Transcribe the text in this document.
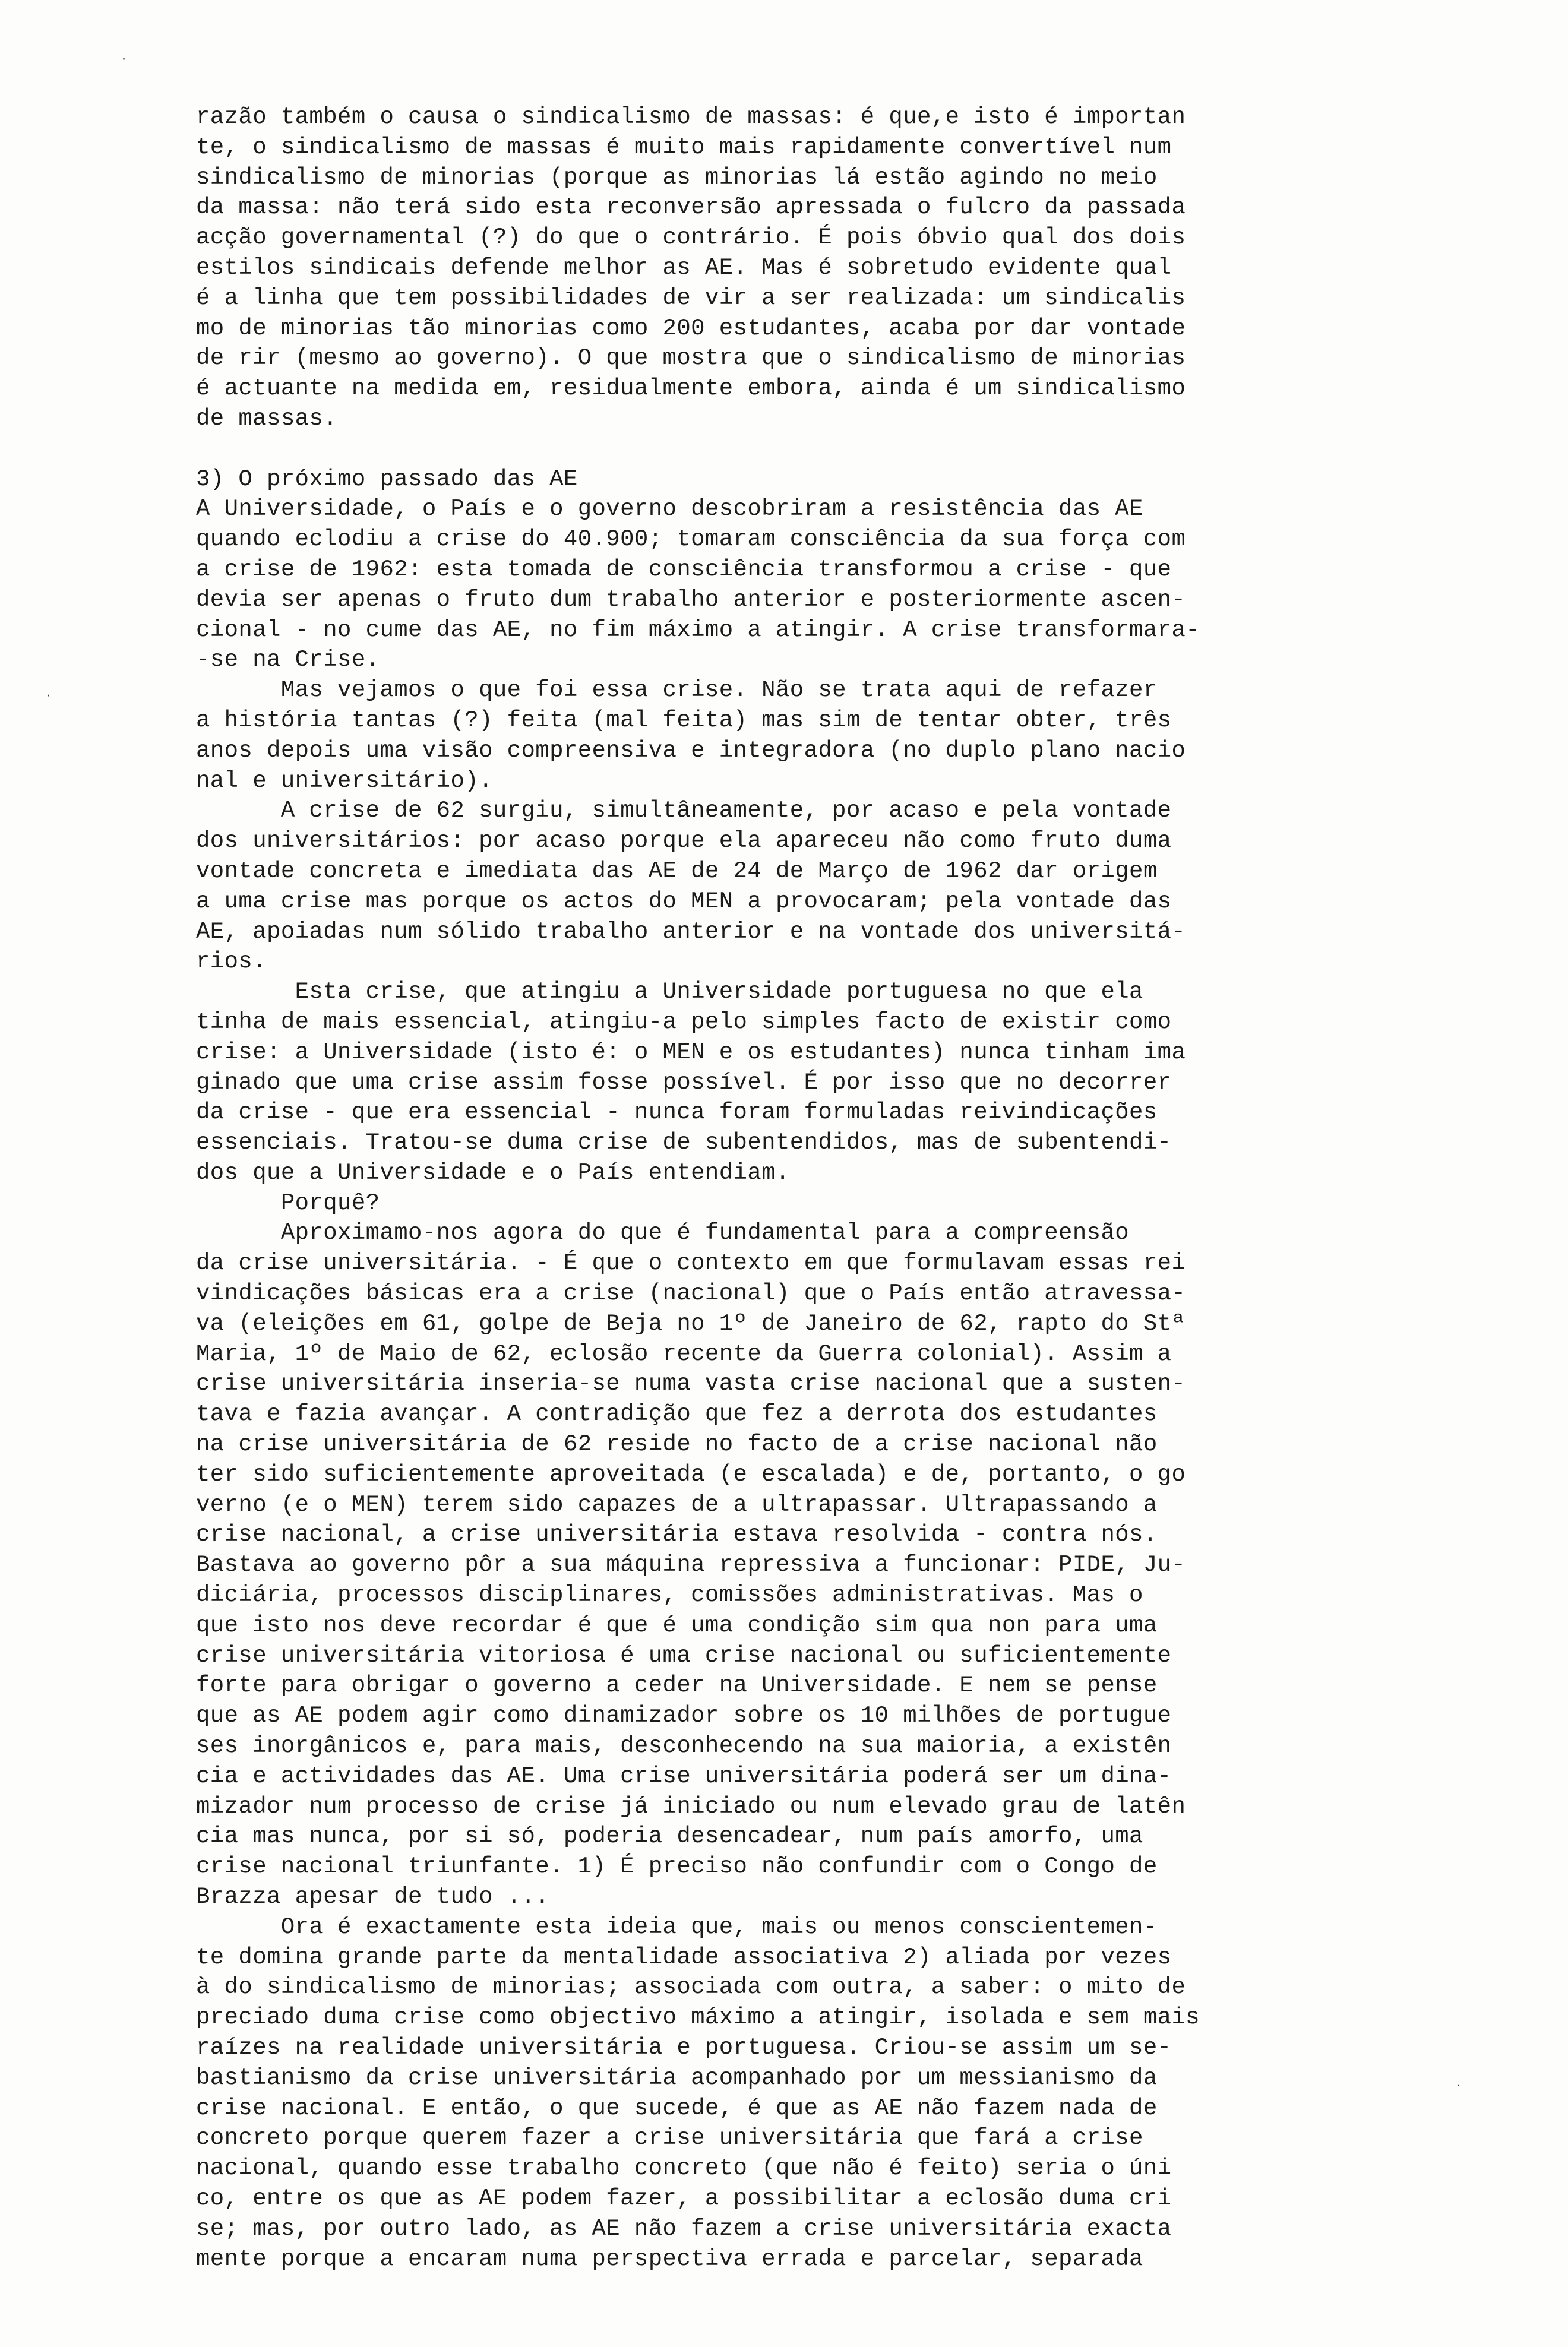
razão também o causa o sindicalismo de massas: é que,e isto é importan
te, o sindicalismo de massas é muito mais rapidamente convertível num
sindicalismo de minorias (porque as minorias lá estão agindo no meio
da massa: não terá sido esta reconversão apressada o fulcro da passada
acção governamental (?) do que o contrário. É pois óbvio qual dos dois
estilos sindicais defende melhor as AE. Mas é sobretudo evidente qual
é a linha que tem possibilidades de vir a ser realizada: um sindicalis
mo de minorias tão minorias como 200 estudantes, acaba por dar vontade
de rir (mesmo ao governo). O que mostra que o sindicalismo de minorias
é actuante na medida em, residualmente embora, ainda é um sindicalismo
de massas.
3) O próximo passado das AE
A Universidade, o País e o governo descobriram a resistência das AE
quando eclodiu a crise do 40.900; tomaram consciência da sua força com
a crise de 1962: esta tomada de consciência transformou a crise - que
devia ser apenas o fruto dum trabalho anterior e posteriormente ascen-
cional - no cume das AE, no fim máximo a atingir. A crise transformara-
-se na Crise.
Mas vejamos o que foi essa crise. Não se trata aqui de refazer
a história tantas (?) feita (mal feita) mas sim de tentar obter, três
anos depois uma visão compreensiva e integradora (no duplo plano nacio
nal e universitário).
A crise de 62 surgiu, simultâneamente, por acaso e pela vontade
dos universitários: por acaso porque ela apareceu não como fruto duma
vontade concreta e imediata das AE de 24 de Março de 1962 dar origem
a uma crise mas porque os actos do MEN a provocaram; pela vontade das
AE, apoiadas num sólido trabalho anterior e na vontade dos universitá-
rios.
Esta crise, que atingiu a Universidade portuguesa no que ela
tinha de mais essencial, atingiu-a pelo simples facto de existir como
crise: a Universidade (isto é: o MEN e os estudantes) nunca tinham ima
ginado que uma crise assim fosse possível. É por isso que no decorrer
da crise - que era essencial - nunca foram formuladas reivindicações
essenciais. Tratou-se duma crise de subentendidos, mas de subentendi-
dos que a Universidade e o País entendiam.
Porquê?
Aproximamo-nos agora do que é fundamental para a compreensão
da crise universitária. - É que o contexto em que formulavam essas rei
vindicações básicas era a crise (nacional) que o País então atravessa-
va (eleições em 61, golpe de Beja no 1º de Janeiro de 62, rapto do Stª
Maria, 1º de Maio de 62, eclosão recente da Guerra colonial). Assim a
crise universitária inseria-se numa vasta crise nacional que a susten-
tava e fazia avançar. A contradição que fez a derrota dos estudantes
na crise universitária de 62 reside no facto de a crise nacional não
ter sido suficientemente aproveitada (e escalada) e de, portanto, o go
verno (e o MEN) terem sido capazes de a ultrapassar. Ultrapassando a
crise nacional, a crise universitária estava resolvida - contra nós.
Bastava ao governo pôr a sua máquina repressiva a funcionar: PIDE, Ju-
diciária, processos disciplinares, comissões administrativas. Mas o
que isto nos deve recordar é que é uma condição sim qua non para uma
crise universitária vitoriosa é uma crise nacional ou suficientemente
forte para obrigar o governo a ceder na Universidade. E nem se pense
que as AE podem agir como dinamizador sobre os 10 milhões de portugue
ses inorgânicos e, para mais, desconhecendo na sua maioria, a existên
cia e actividades das AE. Uma crise universitária poderá ser um dina-
mizador num processo de crise já iniciado ou num elevado grau de latên
cia mas nunca, por si só, poderia desencadear, num país amorfo, uma
crise nacional triunfante. 1) É preciso não confundir com o Congo de
Brazza apesar de tudo ...
Ora é exactamente esta ideia que, mais ou menos conscientemen-
te domina grande parte da mentalidade associativa 2) aliada por vezes
à do sindicalismo de minorias; associada com outra, a saber: o mito de
preciado duma crise como objectivo máximo a atingir, isolada e sem mais
raízes na realidade universitária e portuguesa. Criou-se assim um se-
bastianismo da crise universitária acompanhado por um messianismo da
crise nacional. E então, o que sucede, é que as AE não fazem nada de
concreto porque querem fazer a crise universitária que fará a crise
nacional, quando esse trabalho concreto (que não é feito) seria o úni
co, entre os que as AE podem fazer, a possibilitar a eclosão duma cri
se; mas, por outro lado, as AE não fazem a crise universitária exacta
mente porque a encaram numa perspectiva errada e parcelar, separada
·
·
·
